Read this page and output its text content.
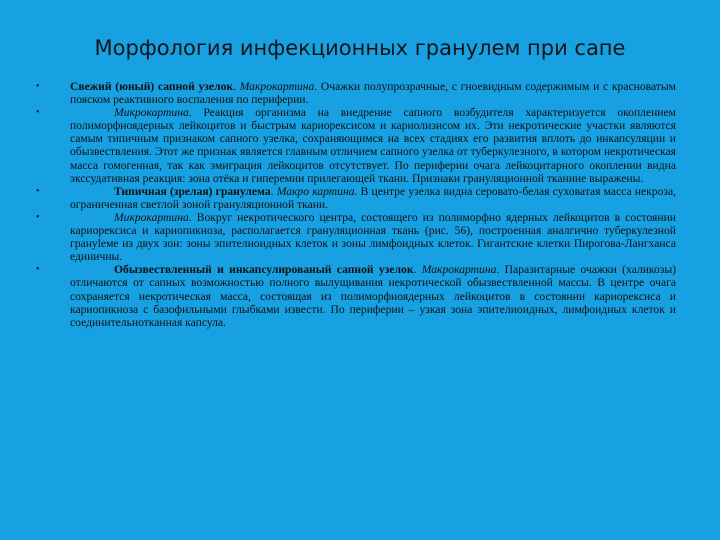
Морфология инфекционных гранулем при сапе
•	Свежий (юный) сапной узелок. Макрокартина. Очажки полупрозрачные, с гноевидным содержимым и с красноватым пояском реактивного воспаления по периферии.
•	Микрокартина. Реакция организма на внедрение сапного возбудителя характеризуется окоплением полиморфноядерных лейкоцитов и быстрым кариорексисом и кариолизисом их. Эти некротические участки являются самым типичным признаком сапного узелка, сохраняющимся на всех стадиях его развития вплоть до инкапсуляции и обызвествления. Этот же признак является главным отличием сапного узелка от туберкулезного, в котором некротическая масса гомогенная, так как эмиграция лейкоцитов отсутствует. По периферии очага лейкоцитарного окоплении видна экссудативная реакция: зона отёка и гиперемии прилегающей ткани. Признаки грануляционной тканине выражены.
•	Типичная (зрелая) гранулема. Макро картина. В центре узелка видна серовато-белая суховатая масса некроза, ограниченная светлой зоной грануляционной ткани.
•	Микрокартина. Вокруг некротического центра, состоящего из полиморфно ядерных лейкоцитов в состоянии кариорексиса и кариопикноза, располагается грануляционная ткань (рис. 56), построенная аналгично туберкулезной грануleме из двух зон: зоны эпителиоидных клеток и зоны лимфоидных клеток. Гигантские клетки Пирогова-Лангханса единичны.
•	Обызвествленный и инкапсулированый сапной узелок. Макрокартина. Паразитарные очажки (халикозы) отличаются от сапных возможностью полного вылущивания некротической обызвествленной массы. В центре очага сохраняется некротическая масса, состоящая из полиморфноядерных лейкоцитов в состоянии кариорексиса и кариопикноза с базофильными глыбками извести. По периферии – узкая зона эпителиоидных, лимфоидных клеток и соединительнотканная капсула.
